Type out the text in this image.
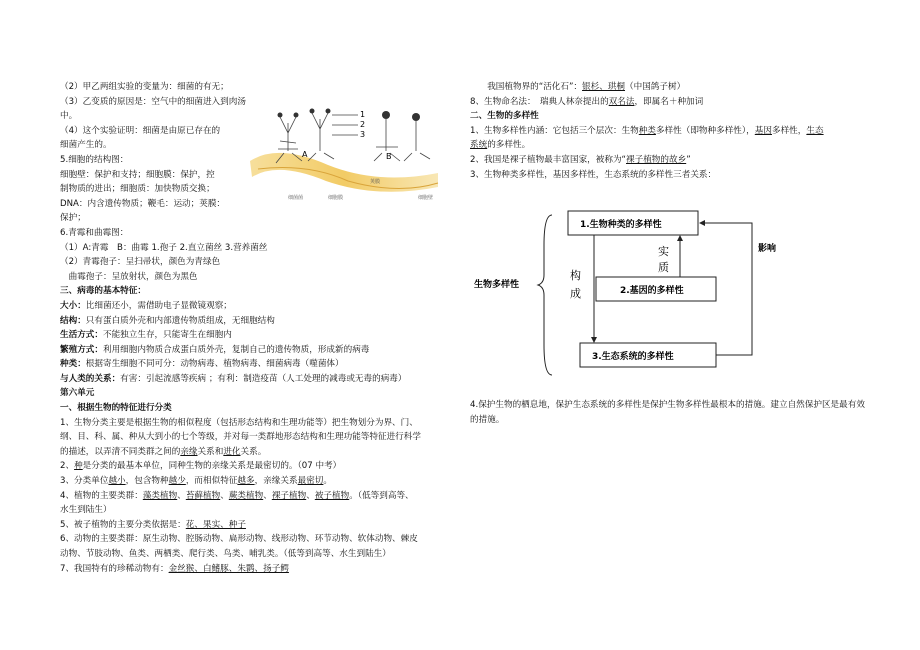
（2）甲乙两组实验的变量为：细菌的有无；

（3）乙变质的原因是：空气中的细菌进入到肉汤

中。

（4）这个实验证明：细菌是由原已存在的

细菌产生的。

5.细胞的结构图：

细胞壁：保护和支持；细胞膜：保护，控

制物质的进出；细胞质：加快物质交换；

DNA：内含遗传物质；鞭毛：运动；荚膜：

保护；

6.青霉和曲霉图：

（1）A:青霉　B：曲霉 1.孢子 2.直立菌丝 3.营养菌丝

（2）青霉孢子：呈扫帚状，颜色为青绿色

　曲霉孢子：呈放射状，颜色为黑色

三、病毒的基本特征：

大小：比细菌还小，需借助电子显微镜观察；

结构：只有蛋白质外壳和内部遗传物质组成，无细胞结构

生活方式：不能独立生存，只能寄生在细胞内

繁殖方式：利用细胞内物质合成蛋白质外壳，复制自己的遗传物质，形成新的病毒

种类：根据寄生细胞不同可分：动物病毒、植物病毒、细菌病毒（噬菌体）

与人类的关系：有害：引起流感等疾病 ；有利：制造疫苗（人工处理的减毒或无毒的病毒）

第六单元

一、根据生物的特征进行分类

1、生物分类主要是根据生物的相似程度（包括形态结构和生理功能等）把生物划分为界、门、

纲、目、科、属、种从大到小的七个等级，并对每一类群地形态结构和生理功能等特征进行科学

的描述，以弄清不同类群之间的亲缘关系和进化关系。

2、种是分类的最基本单位，同种生物的亲缘关系是最密切的。（07 中考）

3、分类单位越小，包含物种越少，而相似特征越多，亲缘关系最密切。

4、植物的主要类群：藻类植物、苔藓植物、蕨类植物、裸子植物、被子植物。（低等到高等、

水生到陆生）

5、被子植物的主要分类依据是：花、果实、种子

6、动物的主要类群：原生动物、腔肠动物、扁形动物、线形动物、环节动物、软体动物、棘皮

动物、节肢动物、鱼类、两栖类、爬行类、鸟类、哺乳类。（低等到高等、水生到陆生）

7、我国特有的珍稀动物有：金丝猴、白鳍豚、朱鹮、扬子鳄

1
2
3
A	B
细菌菌	细胞膜
荚膜
细胞壁

　　我国植物界的“活化石”：银杉、珙桐（中国鸽子树）

8、生物命名法：　瑞典人林奈提出的双名法，即属名＋种加词

二、生物的多样性

1、生物多样性内涵：它包括三个层次：生物种类多样性（即物种多样性），基因多样性，生态

系统的多样性。

2、我国是裸子植物最丰富国家，被称为“裸子植物的故乡”

3、生物种类多样性，基因多样性，生态系统的多样性三者关系：

生物多样性
1.生物种类的多样性
2.基因的多样性
3.生态系统的多样性
构
成
实
质
影响

4.保护生物的栖息地，保护生态系统的多样性是保护生物多样性最根本的措施。建立自然保护区是最有效的措施。
